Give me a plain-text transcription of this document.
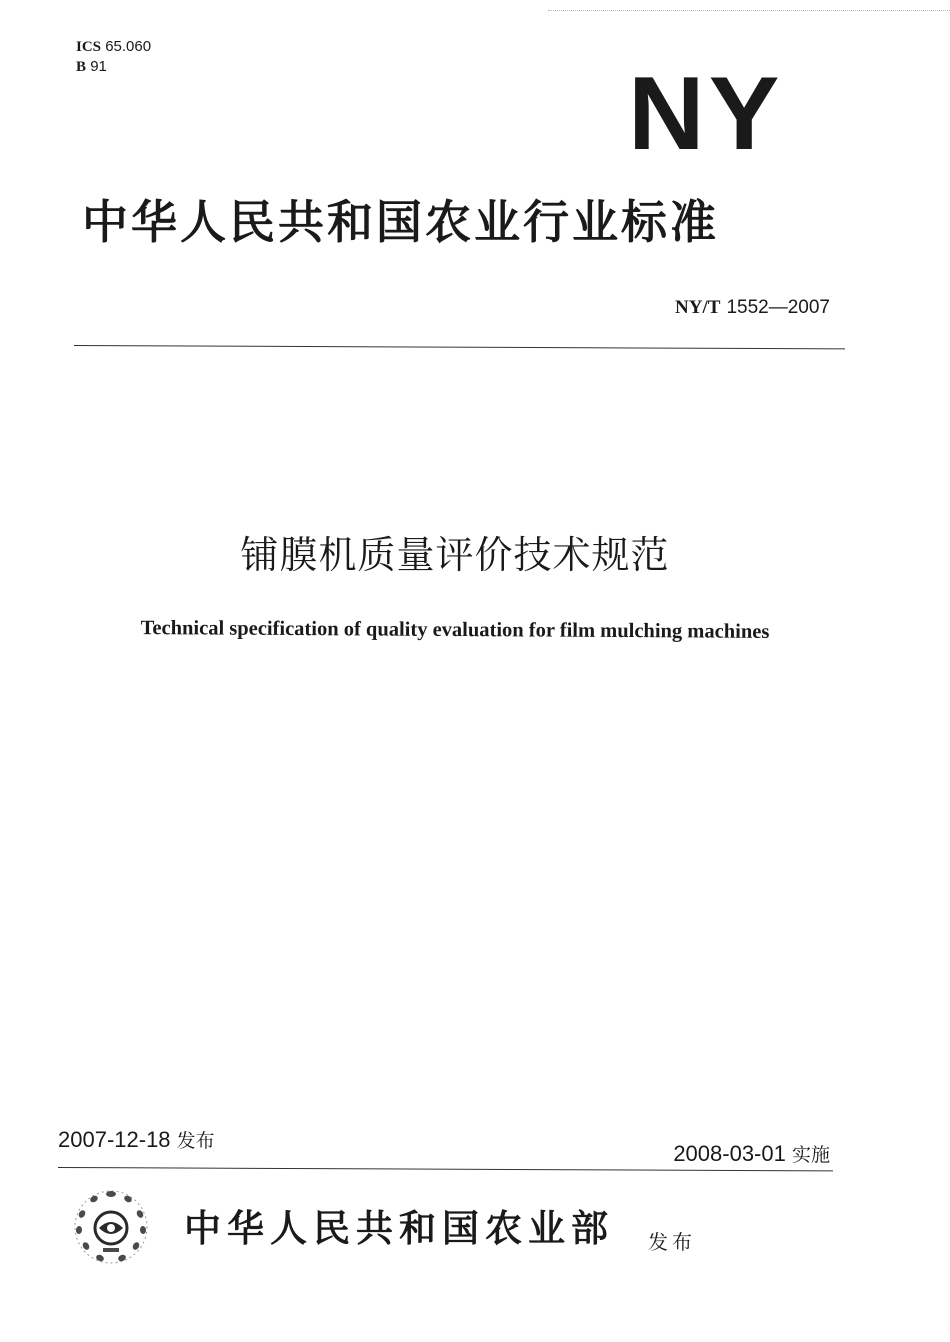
ICS 65.060
B 91	NY
中华人民共和国农业行业标准
NY/T 1552—2007
铺膜机质量评价技术规范
Technical specification of quality evaluation for film mulching machines
2007-12-18 发布	2008-03-01 实施
中华人民共和国农业部 发布
